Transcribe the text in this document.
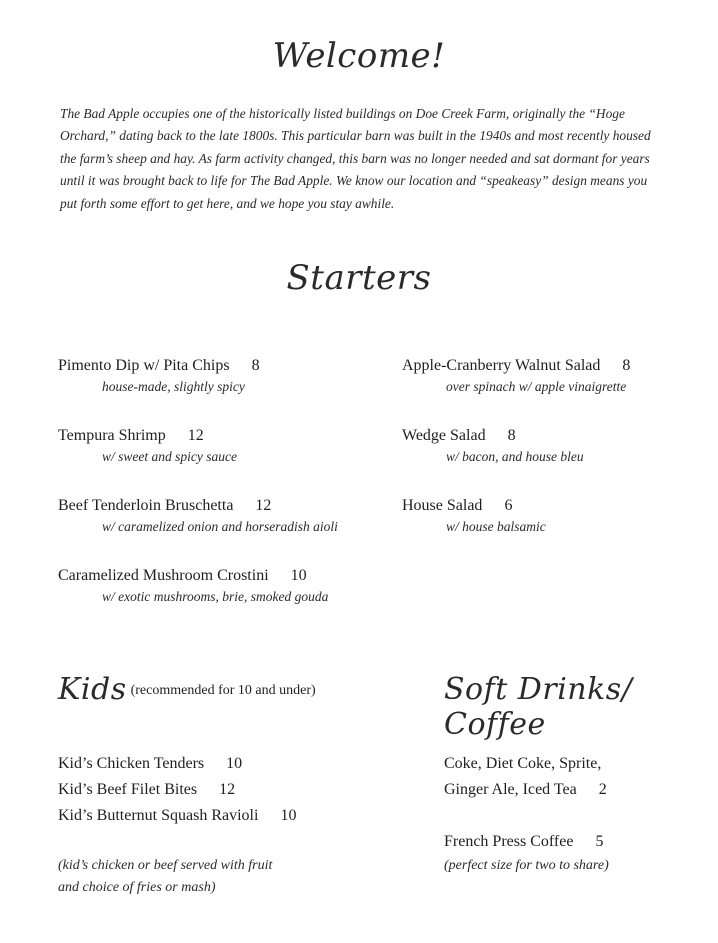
Welcome!

The Bad Apple occupies one of the historically listed buildings on Doe Creek Farm, originally the “Hoge Orchard,” dating back to the late 1800s. This particular barn was built in the 1940s and most recently housed the farm’s sheep and hay. As farm activity changed, this barn was no longer needed and sat dormant for years until it was brought back to life for The Bad Apple. We know our location and “speakeasy” design means you put forth some effort to get here, and we hope you stay awhile.

Starters
Pimento Dip w/ Pita Chips 8
house-made, slightly spicy
Tempura Shrimp 12
w/ sweet and spicy sauce
Beef Tenderloin Bruschetta 12
w/ caramelized onion and horseradish aioli
Caramelized Mushroom Crostini 10
w/ exotic mushrooms, brie, smoked gouda
Apple-Cranberry Walnut Salad 8
over spinach w/ apple vinaigrette
Wedge Salad 8
w/ bacon, and house bleu
House Salad 6
w/ house balsamic
Kids (recommended for 10 and under)
Kid’s Chicken Tenders 10
Kid’s Beef Filet Bites 12
Kid’s Butternut Squash Ravioli 10

(kid’s chicken or beef served with fruit
and choice of fries or mash)

Soft Drinks/ Coffee
Coke, Diet Coke, Sprite,
Ginger Ale, Iced Tea 2
French Press Coffee 5

(perfect size for two to share)
